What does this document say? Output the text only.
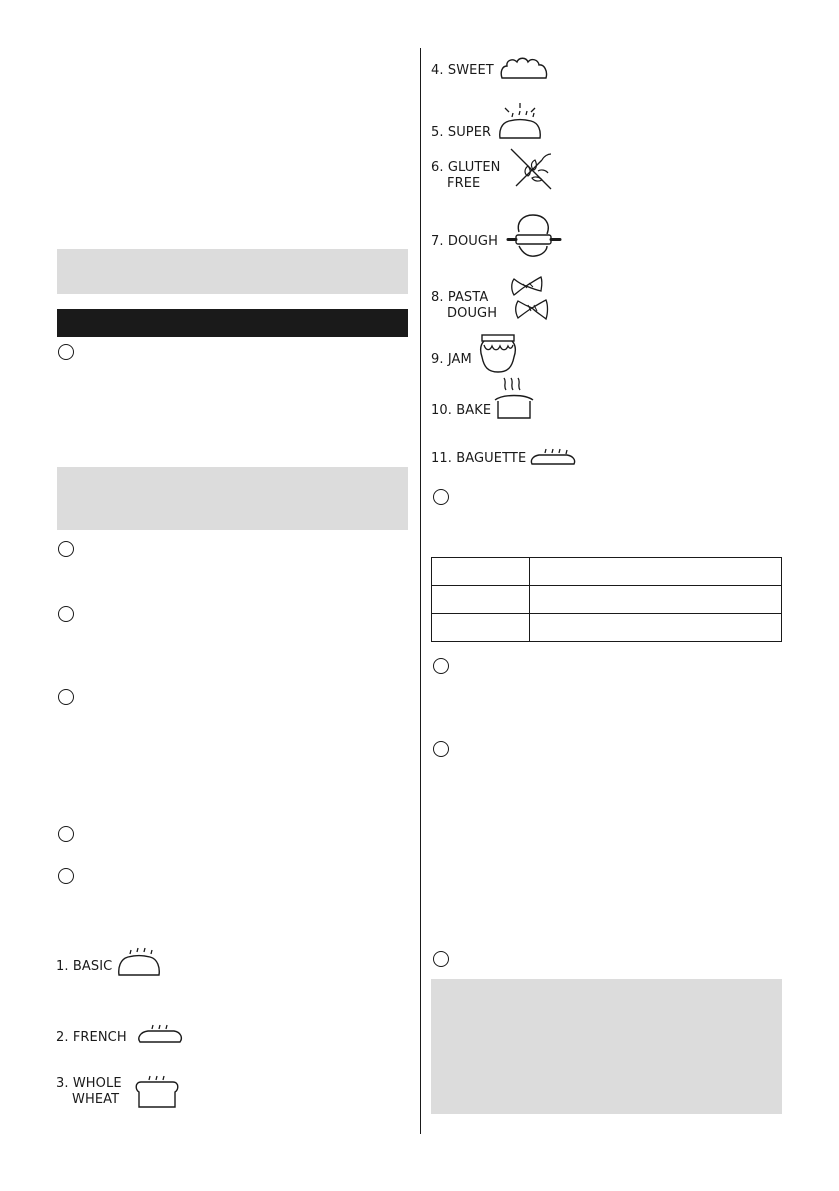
1. BASIC
2. FRENCH
3. WHOLE
WHEAT
4. SWEET
5. SUPER
6. GLUTEN
FREE
7. DOUGH
8. PASTA
DOUGH
9. JAM
10. BAKE
11. BAGUETTE
